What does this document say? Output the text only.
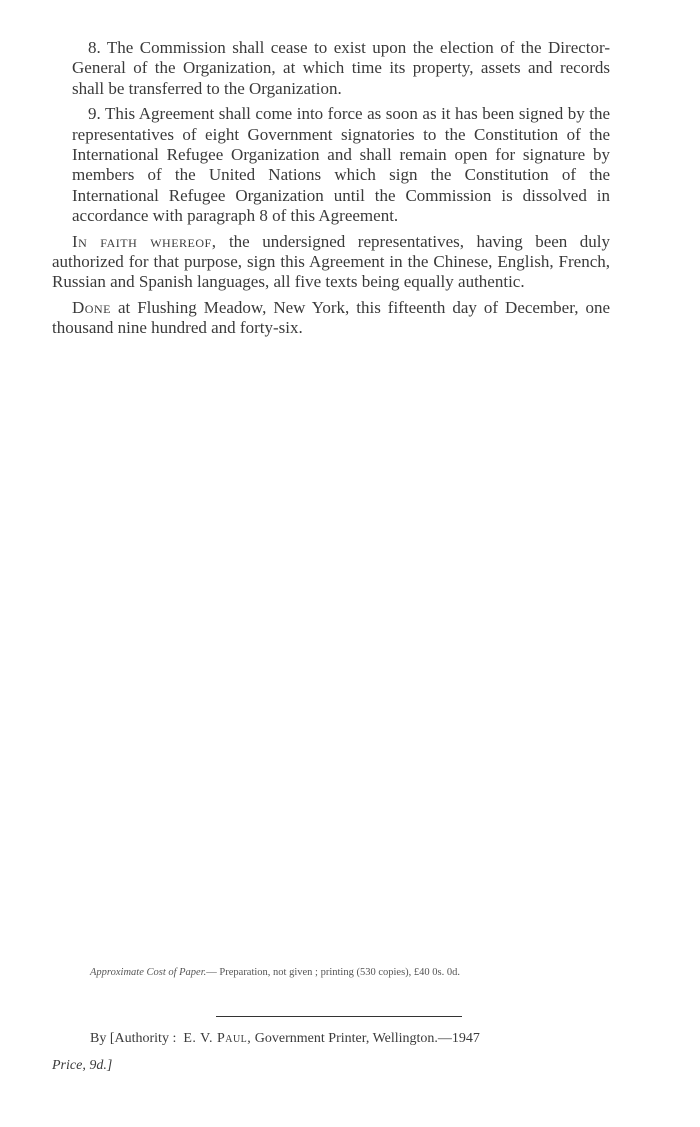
8. The Commission shall cease to exist upon the election of the Director-General of the Organization, at which time its property, assets and records shall be transferred to the Organization.

9. This Agreement shall come into force as soon as it has been signed by the representatives of eight Government signatories to the Constitution of the International Refugee Organization and shall remain open for signature by members of the United Nations which sign the Constitution of the International Refugee Organization until the Commission is dissolved in accordance with paragraph 8 of this Agreement.

In faith whereof, the undersigned representatives, having been duly authorized for that purpose, sign this Agreement in the Chinese, English, French, Russian and Spanish languages, all five texts being equally authentic.

Done at Flushing Meadow, New York, this fifteenth day of December, one thousand nine hundred and forty-six.

Approximate Cost of Paper.— Preparation, not given ; printing (530 copies), £40 0s. 0d.
By [Authority : E. V. Paul, Government Printer, Wellington.—1947
Price, 9d.]
